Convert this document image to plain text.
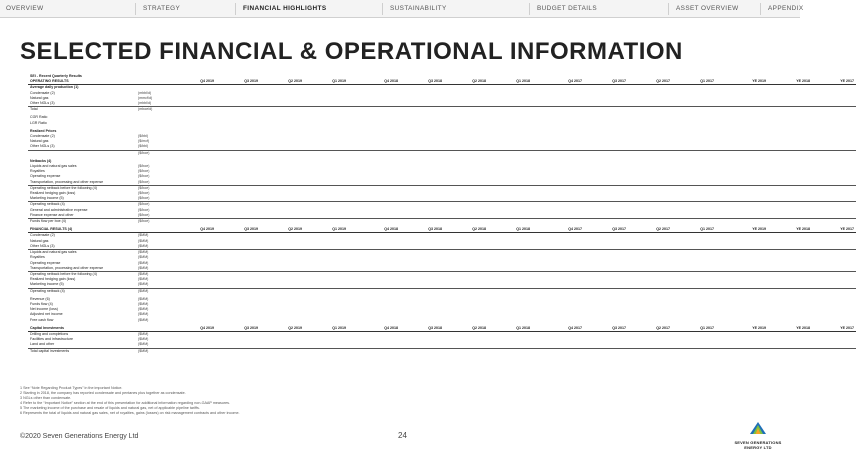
OVERVIEW	STRATEGY	FINANCIAL HIGHLIGHTS	SUSTAINABILITY	BUDGET DETAILS	ASSET OVERVIEW	APPENDIX
SELECTED FINANCIAL & OPERATIONAL INFORMATION
SEI - Recent Quarterly Results																			
OPERATING RESULTS		Q4 2019	Q3 2019	Q2 2019	Q1 2019		Q4 2018	Q3 2018	Q2 2018	Q1 2018		Q4 2017	Q3 2017	Q2 2017	Q1 2017		YE 2019	YE 2018	YE 2017
Average daily production (1)																			
Condensate (2)	(mbbl/d)																		
Natural gas	(mmcf/d)																		
Other NGLs (3)	(mbbl/d)																		
Total	(mboe/d)																		

CGR Ratio																			
LGR Ratio																			

Realized Prices																			
Condensate (2)	($/bbl)																		
Natural gas	($/mcf)																		
Other NGLs (3)	($/bbl)																		
	($/boe)																		

Netbacks (4)																			
Liquids and natural gas sales	($/boe)																		
Royalties	($/boe)																		
Operating expense	($/boe)																		
Transportation, processing and other expense	($/boe)																		
Operating netback before the following (4)	($/boe)																		
Realized hedging gain (loss)	($/boe)																		
Marketing income (5)	($/boe)																		
Operating netback (4)	($/boe)																		
General and administrative expense	($/boe)																		
Finance expense and other	($/boe)																		
Funds flow per boe (4)	($/boe)																		

FINANCIAL RESULTS (4)		Q4 2019	Q3 2019	Q2 2019	Q1 2019		Q4 2018	Q3 2018	Q2 2018	Q1 2018		Q4 2017	Q3 2017	Q2 2017	Q1 2017		YE 2019	YE 2018	YE 2017
Condensate (2)	($MM)																		
Natural gas	($MM)																		
Other NGLs (3)	($MM)																		
Liquids and natural gas sales	($MM)																		
Royalties	($MM)																		
Operating expense	($MM)																		
Transportation, processing and other expense	($MM)																		
Operating netback before the following (4)	($MM)																		
Realized hedging gain (loss)	($MM)																		
Marketing income (5)	($MM)																		
Operating netback (4)	($MM)																		

Revenue (6)	($MM)																		
Funds flow (4)	($MM)																		
Net income (loss)	($MM)																		
Adjusted net income	($MM)																		
Free cash flow	($MM)																		

Capital Investments		Q4 2019	Q3 2019	Q2 2019	Q1 2019		Q4 2018	Q3 2018	Q2 2018	Q1 2018		Q4 2017	Q3 2017	Q2 2017	Q1 2017		YE 2019	YE 2018	YE 2017
Drilling and completions	($MM)																		
Facilities and infrastructure	($MM)																		
Land and other	($MM)																		
Total capital investments	($MM)																		
1 See “Note Regarding Product Types” in the important Notice.
2 Starting in 2018, the company has reported condensate and pentanes plus together as condensate.
3 NGLs other than condensate.
4 Refer to the “Important Notice” section at the end of this presentation for additional information regarding non-GAAP measures.
5 The marketing income of the purchase and resale of liquids and natural gas, net of applicable pipeline tariffs.
6 Represents the total of liquids and natural gas sales, net of royalties, gains (losses) on risk management contracts and other income.
©2020 Seven Generations Energy Ltd	24
SEVEN GENERATIONS
ENERGY LTD
